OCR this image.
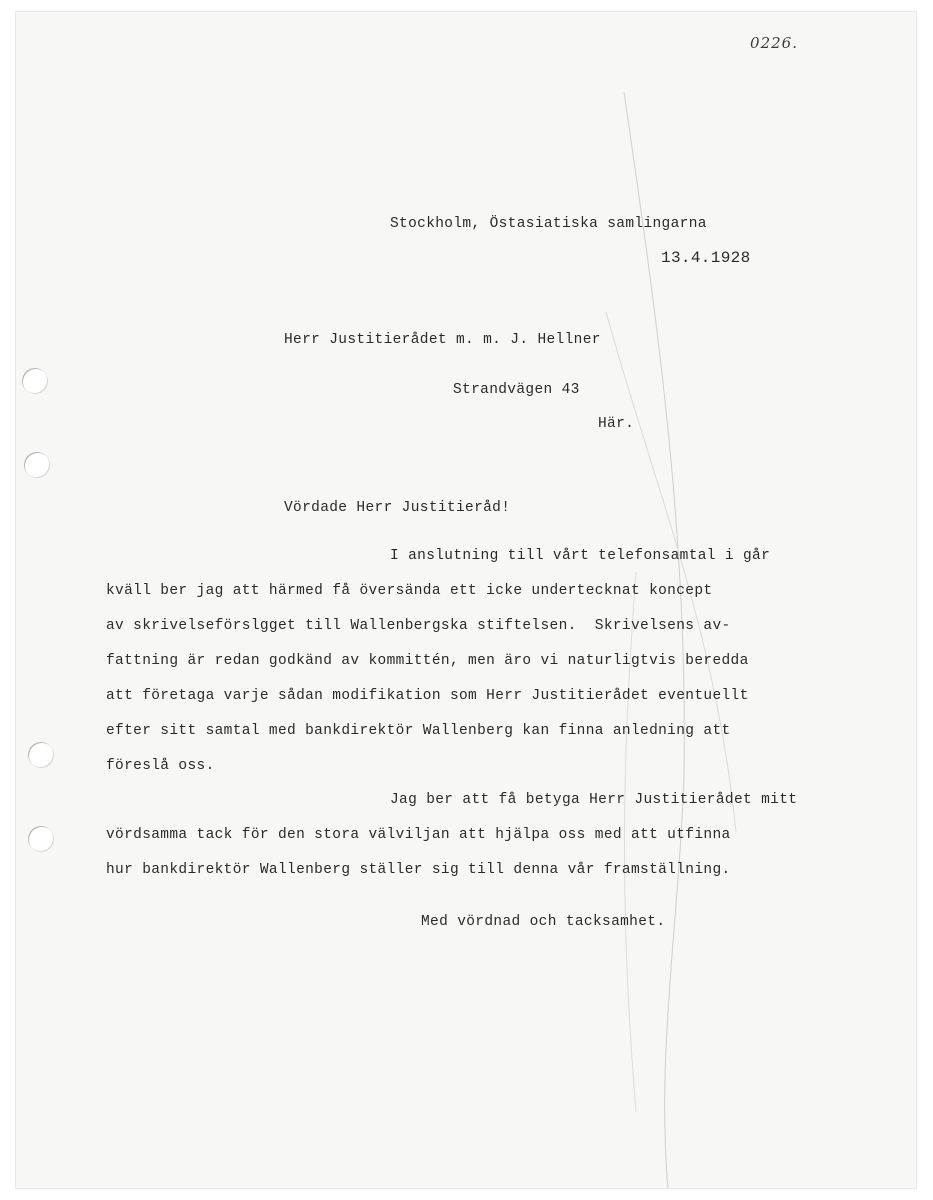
0226.
Stockholm, Östasiatiska samlingarna
13.4.1928
Herr Justitierådet m. m. J. Hellner
Strandvägen 43
Här.
Vördade Herr Justitieråd!
I anslutning till vårt telefonsamtal i går
kväll ber jag att härmed få översända ett icke undertecknat koncept
av skrivelseförslgget till Wallenbergska stiftelsen.  Skrivelsens av-
fattning är redan godkänd av kommittén, men äro vi naturligtvis beredda
att företaga varje sådan modifikation som Herr Justitierådet eventuellt
efter sitt samtal med bankdirektör Wallenberg kan finna anledning att
föreslå oss.
Jag ber att få betyga Herr Justitierådet mitt
vördsamma tack för den stora välviljan att hjälpa oss med att utfinna
hur bankdirektör Wallenberg ställer sig till denna vår framställning.
Med vördnad och tacksamhet.
